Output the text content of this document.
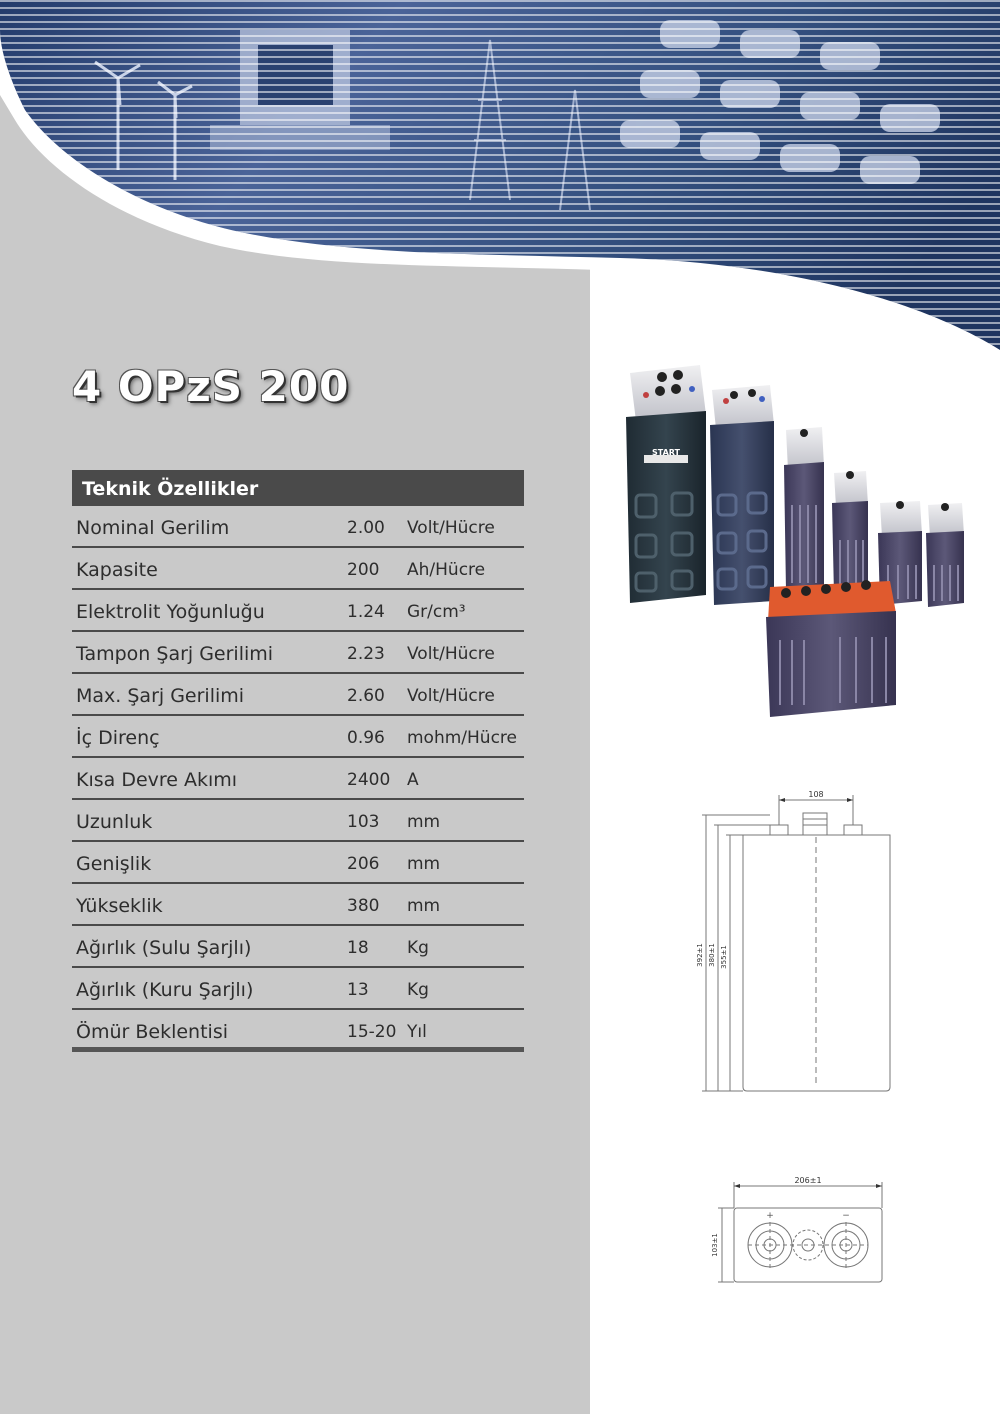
4 OPzS 200
Teknik Özellikler
Nominal Gerilim	2.00 Volt/Hücre
Kapasite	200 Ah/Hücre
Elektrolit Yoğunluğu	1.24 Gr/cm³
Tampon Şarj Gerilimi	2.23 Volt/Hücre
Max. Şarj Gerilimi	2.60 Volt/Hücre
İç Direnç	0.96 mohm/Hücre
Kısa Devre Akımı	2400 A
Uzunluk	103 mm
Genişlik	206 mm
Yükseklik	380 mm
Ağırlık (Sulu Şarjlı)	18 Kg
Ağırlık (Kuru Şarjlı)	13 Kg
Ömür Beklentisi	15-20 Yıl
START
108
392±1 380±1 355±1
206±1
103±1
+	−
